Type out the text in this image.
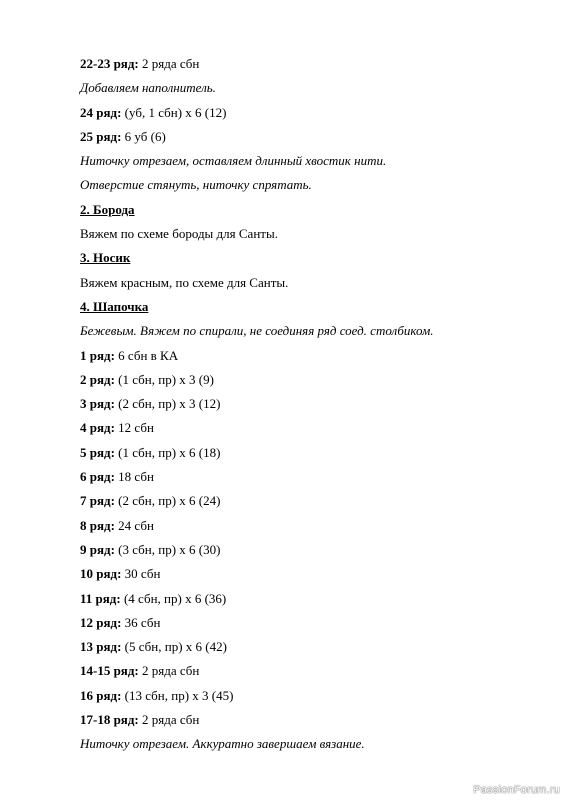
22-23 ряд: 2 ряда сбн
Добавляем наполнитель.
24 ряд: (уб, 1 сбн) х 6 (12)
25 ряд: 6 уб (6)
Ниточку отрезаем, оставляем длинный хвостик нити.
Отверстие стянуть, ниточку спрятать.
2. Борода
Вяжем по схеме бороды для Санты.
3. Носик
Вяжем красным, по схеме для Санты.
4. Шапочка
Бежевым. Вяжем по спирали, не соединяя ряд соед. столбиком.
1 ряд: 6 сбн в КА
2 ряд: (1 сбн, пр) х 3 (9)
3 ряд: (2 сбн, пр) х 3 (12)
4 ряд: 12 сбн
5 ряд: (1 сбн, пр) х 6 (18)
6 ряд: 18 сбн
7 ряд: (2 сбн, пр) х 6 (24)
8 ряд: 24 сбн
9 ряд: (3 сбн, пр) х 6 (30)
10 ряд: 30 сбн
11 ряд: (4 сбн, пр) х 6 (36)
12 ряд: 36 сбн
13 ряд: (5 сбн, пр) х 6 (42)
14-15 ряд: 2 ряда сбн
16 ряд: (13 сбн, пр) х 3 (45)
17-18 ряд: 2 ряда сбн
Ниточку отрезаем. Аккуратно завершаем вязание.
PassionForum.ru
